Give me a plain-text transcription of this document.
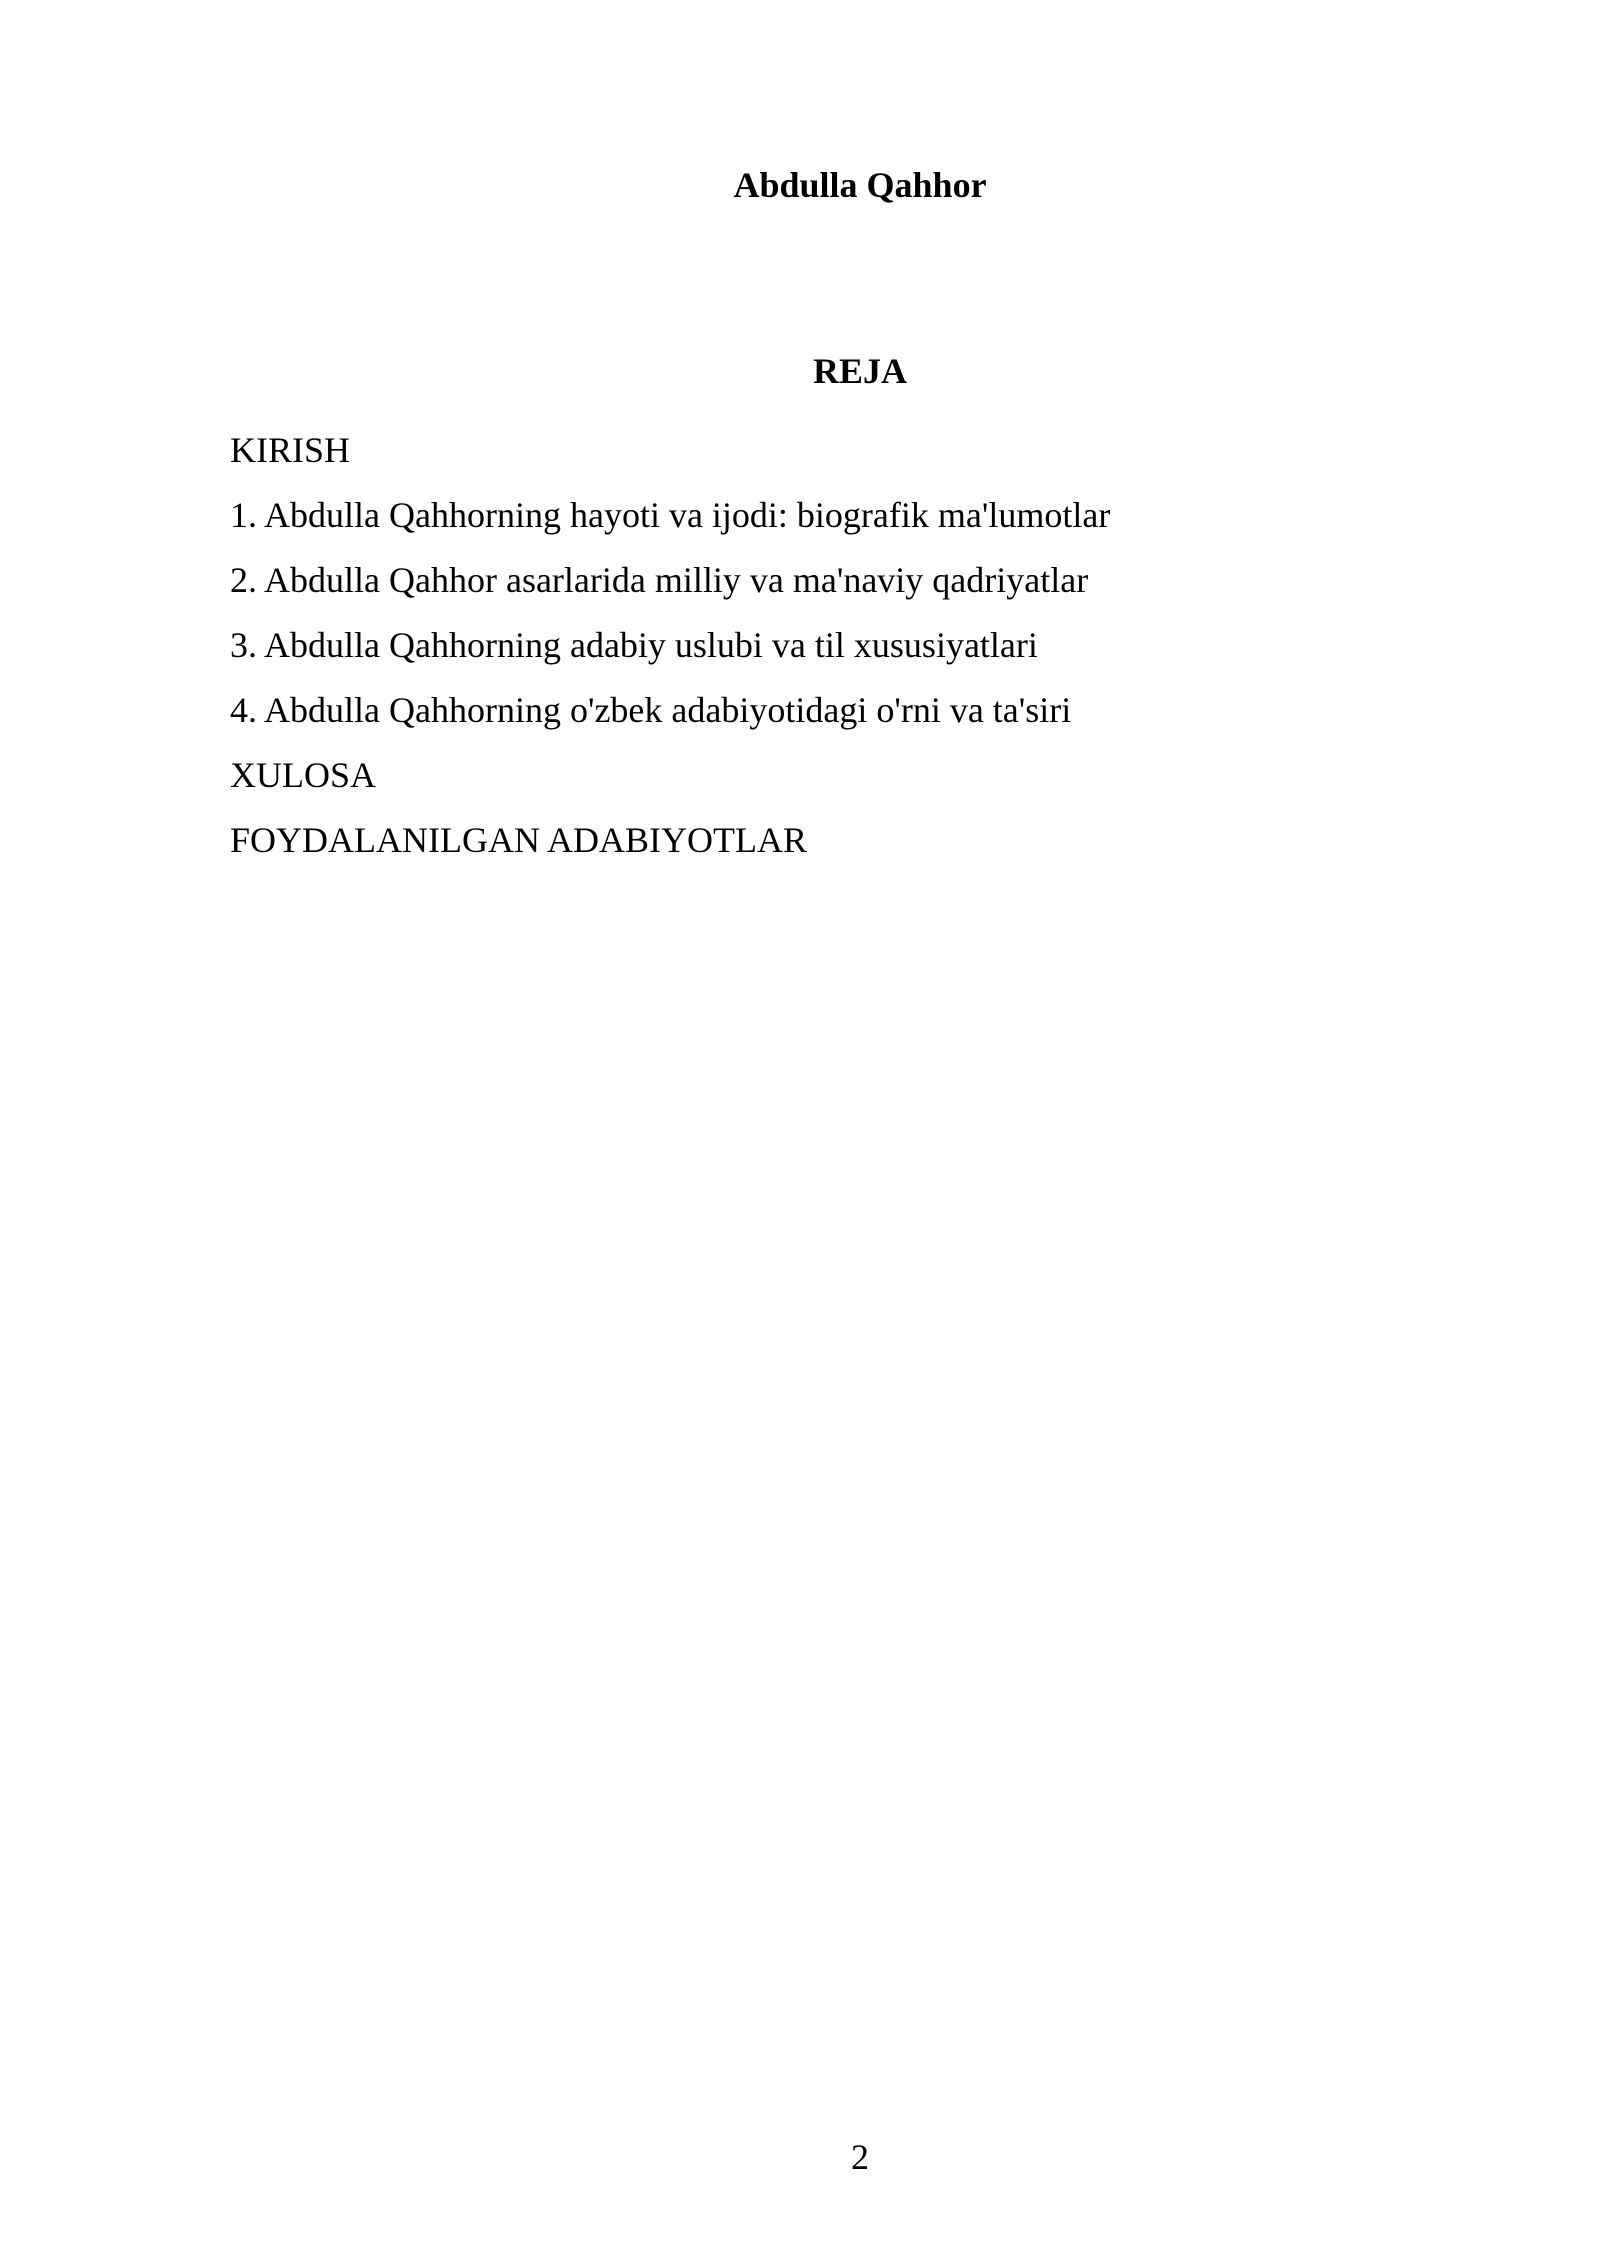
Abdulla Qahhor
REJA
KIRISH
1. Abdulla Qahhorning hayoti va ijodi: biografik ma'lumotlar
2. Abdulla Qahhor asarlarida milliy va ma'naviy qadriyatlar
3. Abdulla Qahhorning adabiy uslubi va til xususiyatlari
4. Abdulla Qahhorning o'zbek adabiyotidagi o'rni va ta'siri
XULOSA
FOYDALANILGAN ADABIYOTLAR
2
